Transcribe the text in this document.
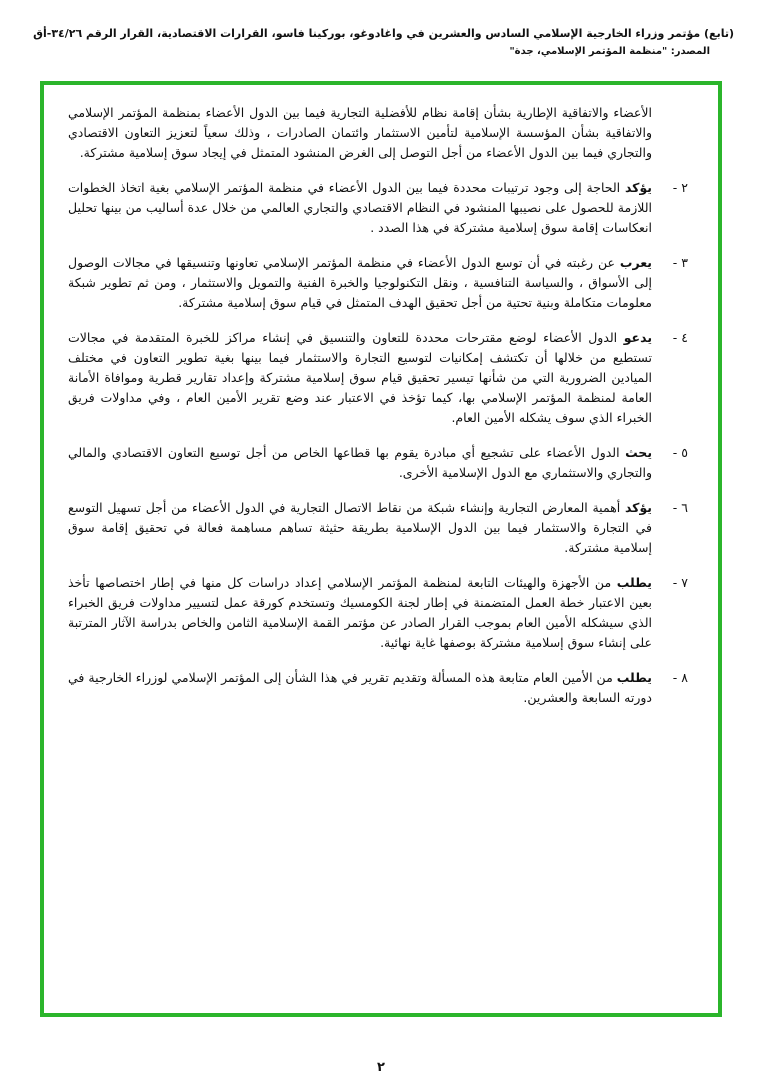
(تابع) مؤتمر وزراء الخارجية الإسلامي السادس والعشرين في واغادوغو، بوركينا فاسو، القرارات الاقتصادية، القرار الرقم ٣٤/٢٦-أق
المصدر: "منظمة المؤتمر الإسلامي، جدة"

الأعضاء والاتفاقية الإطارية بشأن إقامة نظام للأفضلية التجارية فيما بين الدول الأعضاء بمنظمة المؤتمر الإسلامي والاتفاقية بشأن المؤسسة الإسلامية لتأمين الاستثمار وائتمان الصادرات ، وذلك سعياً لتعزيز التعاون الاقتصادي والتجاري فيما بين الدول الأعضاء من أجل التوصل إلى الغرض المنشود المتمثل في إيجاد سوق إسلامية مشتركة.

٢ -

يؤكد الحاجة إلى وجود ترتيبات محددة فيما بين الدول الأعضاء في منظمة المؤتمر الإسلامي بغية اتخاذ الخطوات اللازمة للحصول على نصيبها المنشود في النظام الاقتصادي والتجاري العالمي من خلال عدة أساليب من بينها تحليل انعكاسات إقامة سوق إسلامية مشتركة في هذا الصدد .

٣ -

يعرب عن رغبته في أن توسع الدول الأعضاء في منظمة المؤتمر الإسلامي تعاونها وتنسيقها في مجالات الوصول إلى الأسواق ، والسياسة التنافسية ، ونقل التكنولوجيا والخبرة الفنية والتمويل والاستثمار ، ومن ثم تطوير شبكة معلومات متكاملة وبنية تحتية من أجل تحقيق الهدف المتمثل في قيام سوق إسلامية مشتركة.

٤ -

يدعو الدول الأعضاء لوضع مقترحات محددة للتعاون والتنسيق في إنشاء مراكز للخبرة المتقدمة في مجالات تستطيع من خلالها أن تكتشف إمكانيات لتوسيع التجارة والاستثمار فيما بينها بغية تطوير التعاون في مختلف الميادين الضرورية التي من شأنها تيسير تحقيق قيام سوق إسلامية مشتركة وإعداد تقارير قطرية وموافاة الأمانة العامة لمنظمة المؤتمر الإسلامي بها، كيما تؤخذ في الاعتبار عند وضع تقرير الأمين العام ، وفي مداولات فريق الخبراء الذي سوف يشكله الأمين العام.

٥ -

يحث الدول الأعضاء على تشجيع أي مبادرة يقوم بها قطاعها الخاص من أجل توسيع التعاون الاقتصادي والمالي والتجاري والاستثماري مع الدول الإسلامية الأخرى.

٦ -

يؤكد أهمية المعارض التجارية وإنشاء شبكة من نقاط الاتصال التجارية في الدول الأعضاء من أجل تسهيل التوسع في التجارة والاستثمار فيما بين الدول الإسلامية بطريقة حثيثة تساهم مساهمة فعالة في تحقيق إقامة سوق إسلامية مشتركة.

٧ -

يطلب من الأجهزة والهيئات التابعة لمنظمة المؤتمر الإسلامي إعداد دراسات كل منها في إطار اختصاصها تأخذ بعين الاعتبار خطة العمل المتضمنة في إطار لجنة الكومسيك وتستخدم كورقة عمل لتسيير مداولات فريق الخبراء الذي سيشكله الأمين العام بموجب القرار الصادر عن مؤتمر القمة الإسلامية الثامن والخاص بدراسة الآثار المترتبة على إنشاء سوق إسلامية مشتركة بوصفها غاية نهائية.

٨ -

يطلب من الأمين العام متابعة هذه المسألة وتقديم تقرير في هذا الشأن إلى المؤتمر الإسلامي لوزراء الخارجية في دورته السابعة والعشرين.

٢
